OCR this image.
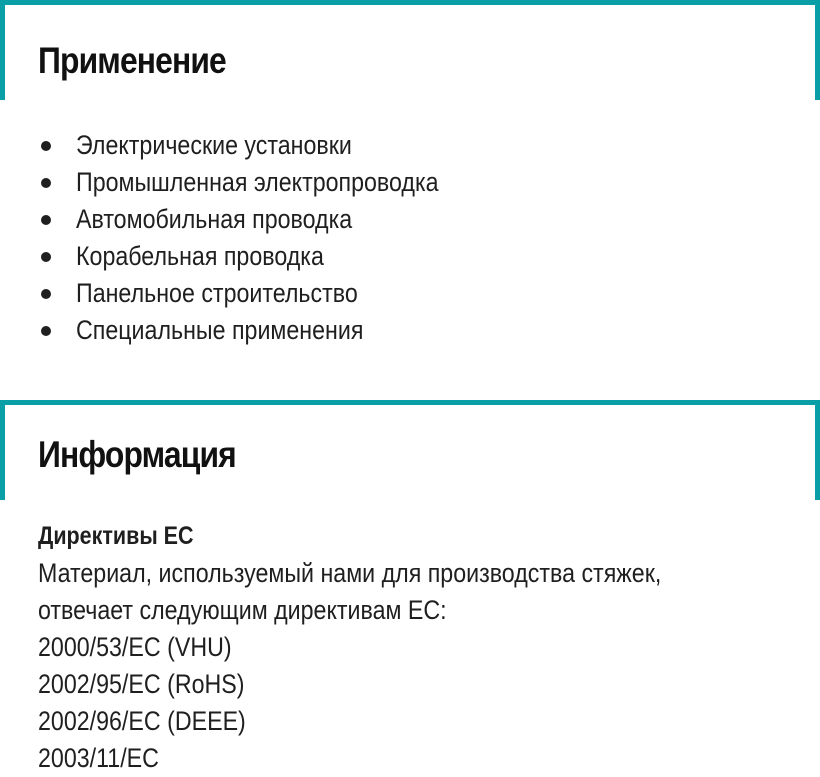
Применение
Электрические установки
Промышленная электропроводка
Автомобильная проводка
Корабельная проводка
Панельное строительство
Специальные применения
Информация
Директивы ЕС
Материал, используемый нами для производства стяжек,
отвечает следующим директивам ЕС:
2000/53/EC (VHU)
2002/95/EC (RoHS)
2002/96/EC (DEEE)
2003/11/EC
